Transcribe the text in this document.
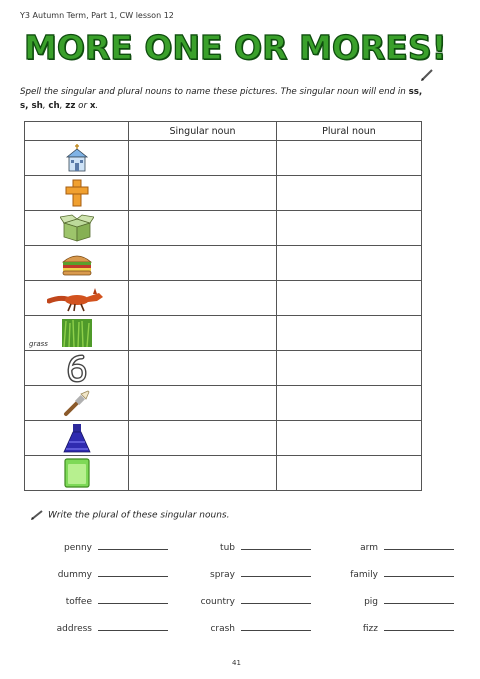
Y3 Autumn Term, Part 1, CW lesson 12
MORE ONE OR MORES!
Spell the singular and plural nouns to name these pictures. The singular noun will end in ss,
s, sh, ch, zz or x.
	Singular noun	Plural noun

grass		

Write the plural of these singular nouns.
penny	tub	arm
dummy	spray	family
toffee	country	pig
address	crash	fizz
41
